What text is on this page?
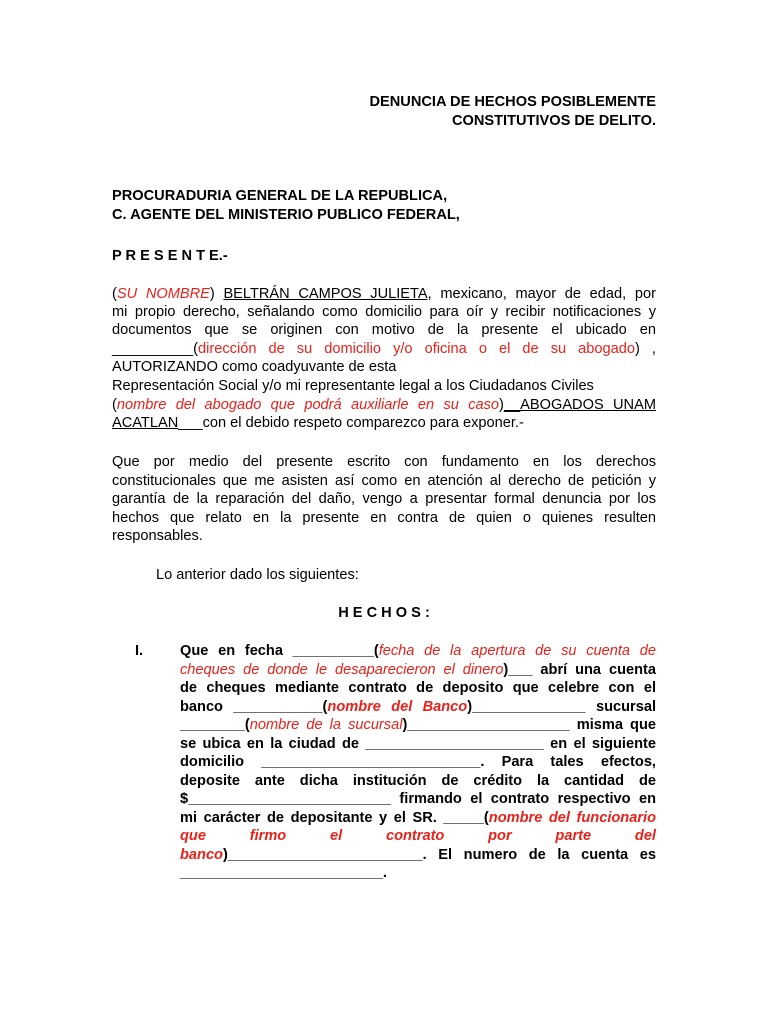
DENUNCIA DE HECHOS POSIBLEMENTE
CONSTITUTIVOS DE DELITO.
PROCURADURIA GENERAL DE LA REPUBLICA,
C. AGENTE DEL MINISTERIO PUBLICO FEDERAL,
P R E S E N T E.-
(SU NOMBRE) BELTRÁN CAMPOS JULIETA, mexicano, mayor de edad, por
mi propio derecho, señalando como domicilio para oír y recibir notificaciones y
documentos que se originen con motivo de la presente el ubicado en
__________(dirección de su domicilio y/o oficina o el de su abogado) ,
AUTORIZANDO como coadyuvante de esta
Representación Social y/o mi representante legal a los Ciudadanos Civiles
(nombre del abogado que podrá auxiliarle en su caso)__ABOGADOS UNAM
ACATLAN___con el debido respeto comparezco para exponer.-
Que por medio del presente escrito con fundamento en los derechos
constitucionales que me asisten así como en atención al derecho de petición y
garantía de la reparación del daño, vengo a presentar formal denuncia por los
hechos que relato en la presente en contra de quien o quienes resulten
responsables.
Lo anterior dado los siguientes:
H E C H O S :
I.	Que en fecha __________(fecha de la apertura de su cuenta de
cheques de donde le desaparecieron el dinero)___ abrí una cuenta
de cheques mediante contrato de deposito que celebre con el
banco ___________(nombre del Banco)______________ sucursal
________(nombre de la sucursal)____________________ misma que
se ubica en la ciudad de ______________________ en el siguiente
domicilio ___________________________. Para tales efectos,
deposite ante dicha institución de crédito la cantidad de
$_________________________ firmando el contrato respectivo en
mi carácter de depositante y el SR. _____(nombre del funcionario
que firmo el contrato por parte del
banco)________________________. El numero de la cuenta es
_________________________.
